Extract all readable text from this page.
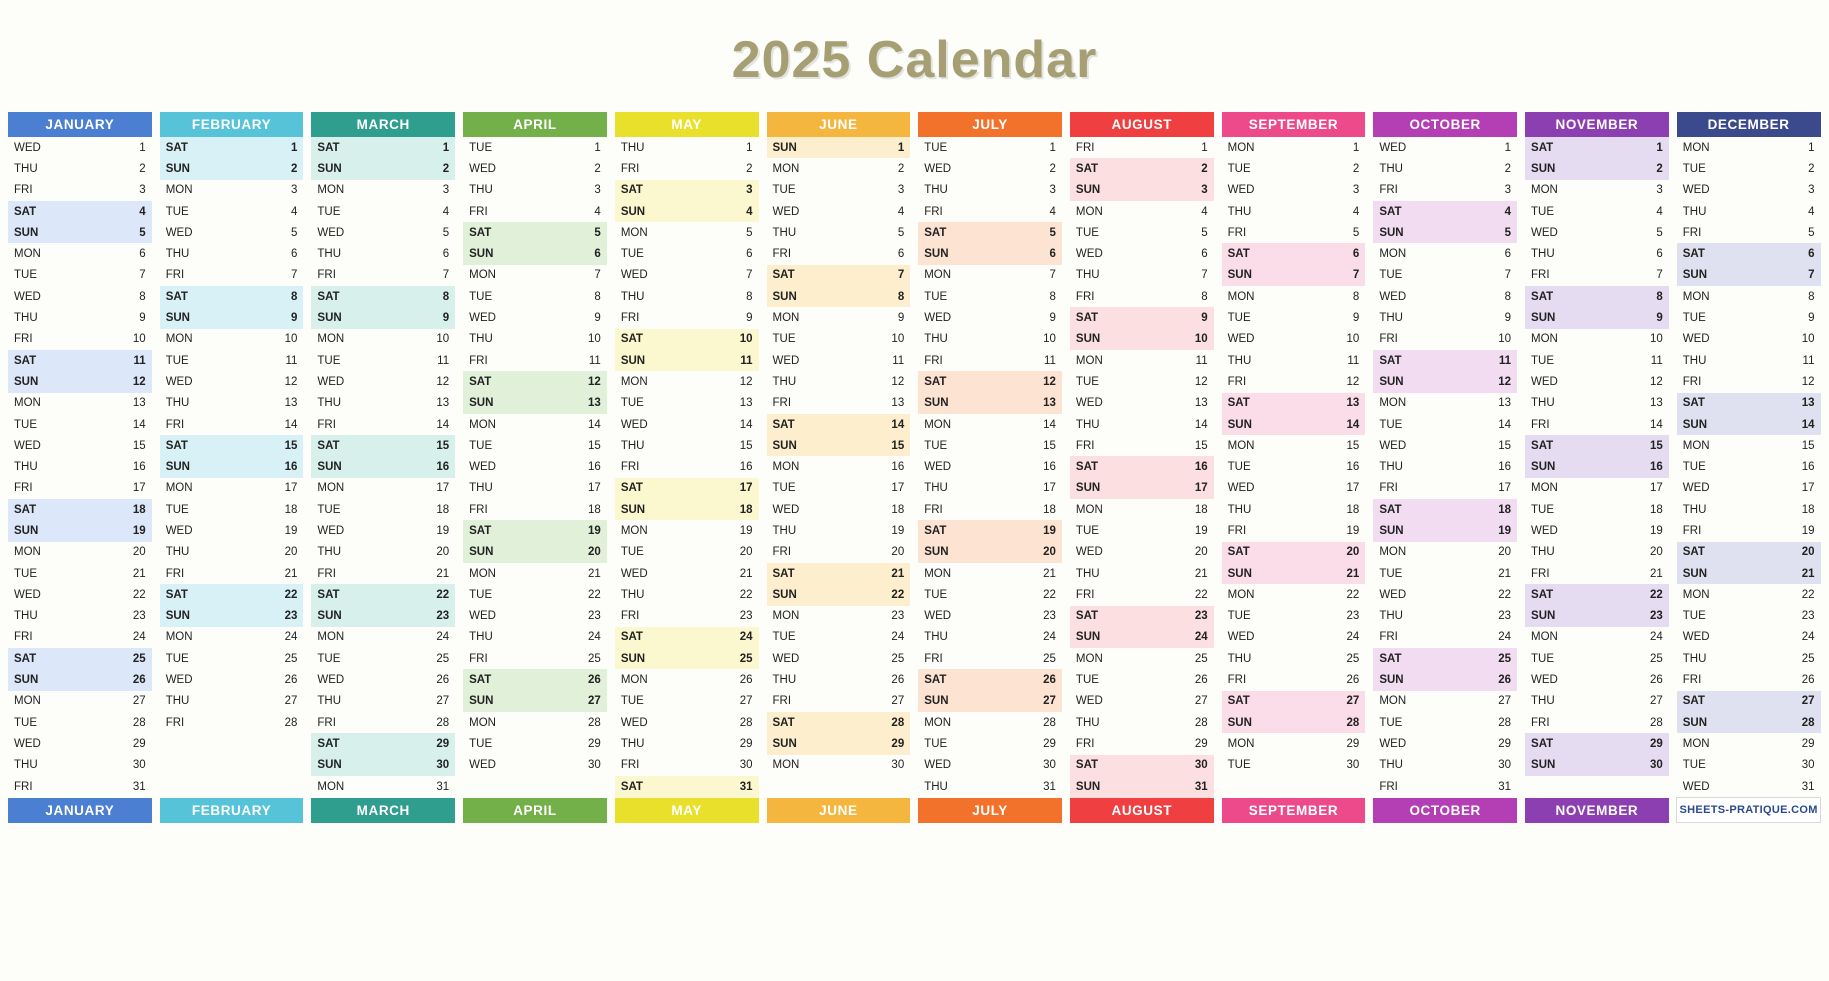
2025 Calendar
JANUARY		FEBRUARY		MARCH		APRIL		MAY		JUNE		JULY		AUGUST		SEPTEMBER		OCTOBER		NOVEMBER		DECEMBER

WED 1		SAT 1		SAT 1		TUE 1		THU 1		SUN 1		TUE 1		FRI 1		MON 1		WED 1		SAT 1		MON 1

THU 2		SUN 2		SUN 2		WED 2		FRI 2		MON 2		WED 2		SAT 2		TUE 2		THU 2		SUN 2		TUE 2

FRI 3		MON 3		MON 3		THU 3		SAT 3		TUE 3		THU 3		SUN 3		WED 3		FRI 3		MON 3		WED 3

SAT 4		TUE 4		TUE 4		FRI 4		SUN 4		WED 4		FRI 4		MON 4		THU 4		SAT 4		TUE 4		THU 4

SUN 5		WED 5		WED 5		SAT 5		MON 5		THU 5		SAT 5		TUE 5		FRI 5		SUN 5		WED 5		FRI 5

MON 6		THU 6		THU 6		SUN 6		TUE 6		FRI 6		SUN 6		WED 6		SAT 6		MON 6		THU 6		SAT 6

TUE 7		FRI 7		FRI 7		MON 7		WED 7		SAT 7		MON 7		THU 7		SUN 7		TUE 7		FRI 7		SUN 7

WED 8		SAT 8		SAT 8		TUE 8		THU 8		SUN 8		TUE 8		FRI 8		MON 8		WED 8		SAT 8		MON 8

THU 9		SUN 9		SUN 9		WED 9		FRI 9		MON 9		WED 9		SAT 9		TUE 9		THU 9		SUN 9		TUE 9

FRI 10		MON 10		MON 10		THU 10		SAT 10		TUE 10		THU 10		SUN 10		WED 10		FRI 10		MON 10		WED 10

SAT 11		TUE 11		TUE 11		FRI 11		SUN 11		WED 11		FRI 11		MON 11		THU 11		SAT 11		TUE 11		THU 11

SUN 12		WED 12		WED 12		SAT 12		MON 12		THU 12		SAT 12		TUE 12		FRI 12		SUN 12		WED 12		FRI 12

MON 13		THU 13		THU 13		SUN 13		TUE 13		FRI 13		SUN 13		WED 13		SAT 13		MON 13		THU 13		SAT 13

TUE 14		FRI 14		FRI 14		MON 14		WED 14		SAT 14		MON 14		THU 14		SUN 14		TUE 14		FRI 14		SUN 14

WED 15		SAT 15		SAT 15		TUE 15		THU 15		SUN 15		TUE 15		FRI 15		MON 15		WED 15		SAT 15		MON 15

THU 16		SUN 16		SUN 16		WED 16		FRI 16		MON 16		WED 16		SAT 16		TUE 16		THU 16		SUN 16		TUE 16

FRI 17		MON 17		MON 17		THU 17		SAT 17		TUE 17		THU 17		SUN 17		WED 17		FRI 17		MON 17		WED 17

SAT 18		TUE 18		TUE 18		FRI 18		SUN 18		WED 18		FRI 18		MON 18		THU 18		SAT 18		TUE 18		THU 18

SUN 19		WED 19		WED 19		SAT 19		MON 19		THU 19		SAT 19		TUE 19		FRI 19		SUN 19		WED 19		FRI 19

MON 20		THU 20		THU 20		SUN 20		TUE 20		FRI 20		SUN 20		WED 20		SAT 20		MON 20		THU 20		SAT 20

TUE 21		FRI 21		FRI 21		MON 21		WED 21		SAT 21		MON 21		THU 21		SUN 21		TUE 21		FRI 21		SUN 21

WED 22		SAT 22		SAT 22		TUE 22		THU 22		SUN 22		TUE 22		FRI 22		MON 22		WED 22		SAT 22		MON 22

THU 23		SUN 23		SUN 23		WED 23		FRI 23		MON 23		WED 23		SAT 23		TUE 23		THU 23		SUN 23		TUE 23

FRI 24		MON 24		MON 24		THU 24		SAT 24		TUE 24		THU 24		SUN 24		WED 24		FRI 24		MON 24		WED 24

SAT 25		TUE 25		TUE 25		FRI 25		SUN 25		WED 25		FRI 25		MON 25		THU 25		SAT 25		TUE 25		THU 25

SUN 26		WED 26		WED 26		SAT 26		MON 26		THU 26		SAT 26		TUE 26		FRI 26		SUN 26		WED 26		FRI 26

MON 27		THU 27		THU 27		SUN 27		TUE 27		FRI 27		SUN 27		WED 27		SAT 27		MON 27		THU 27		SAT 27

TUE 28		FRI 28		FRI 28		MON 28		WED 28		SAT 28		MON 28		THU 28		SUN 28		TUE 28		FRI 28		SUN 28

WED 29				SAT 29		TUE 29		THU 29		SUN 29		TUE 29		FRI 29		MON 29		WED 29		SAT 29		MON 29

THU 30				SUN 30		WED 30		FRI 30		MON 30		WED 30		SAT 30		TUE 30		THU 30		SUN 30		TUE 30

FRI 31				MON 31				SAT 31				THU 31		SUN 31				FRI 31				WED 31

JANUARY		FEBRUARY		MARCH		APRIL		MAY		JUNE		JULY		AUGUST		SEPTEMBER		OCTOBER		NOVEMBER		SHEETS-PRATIQUE.COM
